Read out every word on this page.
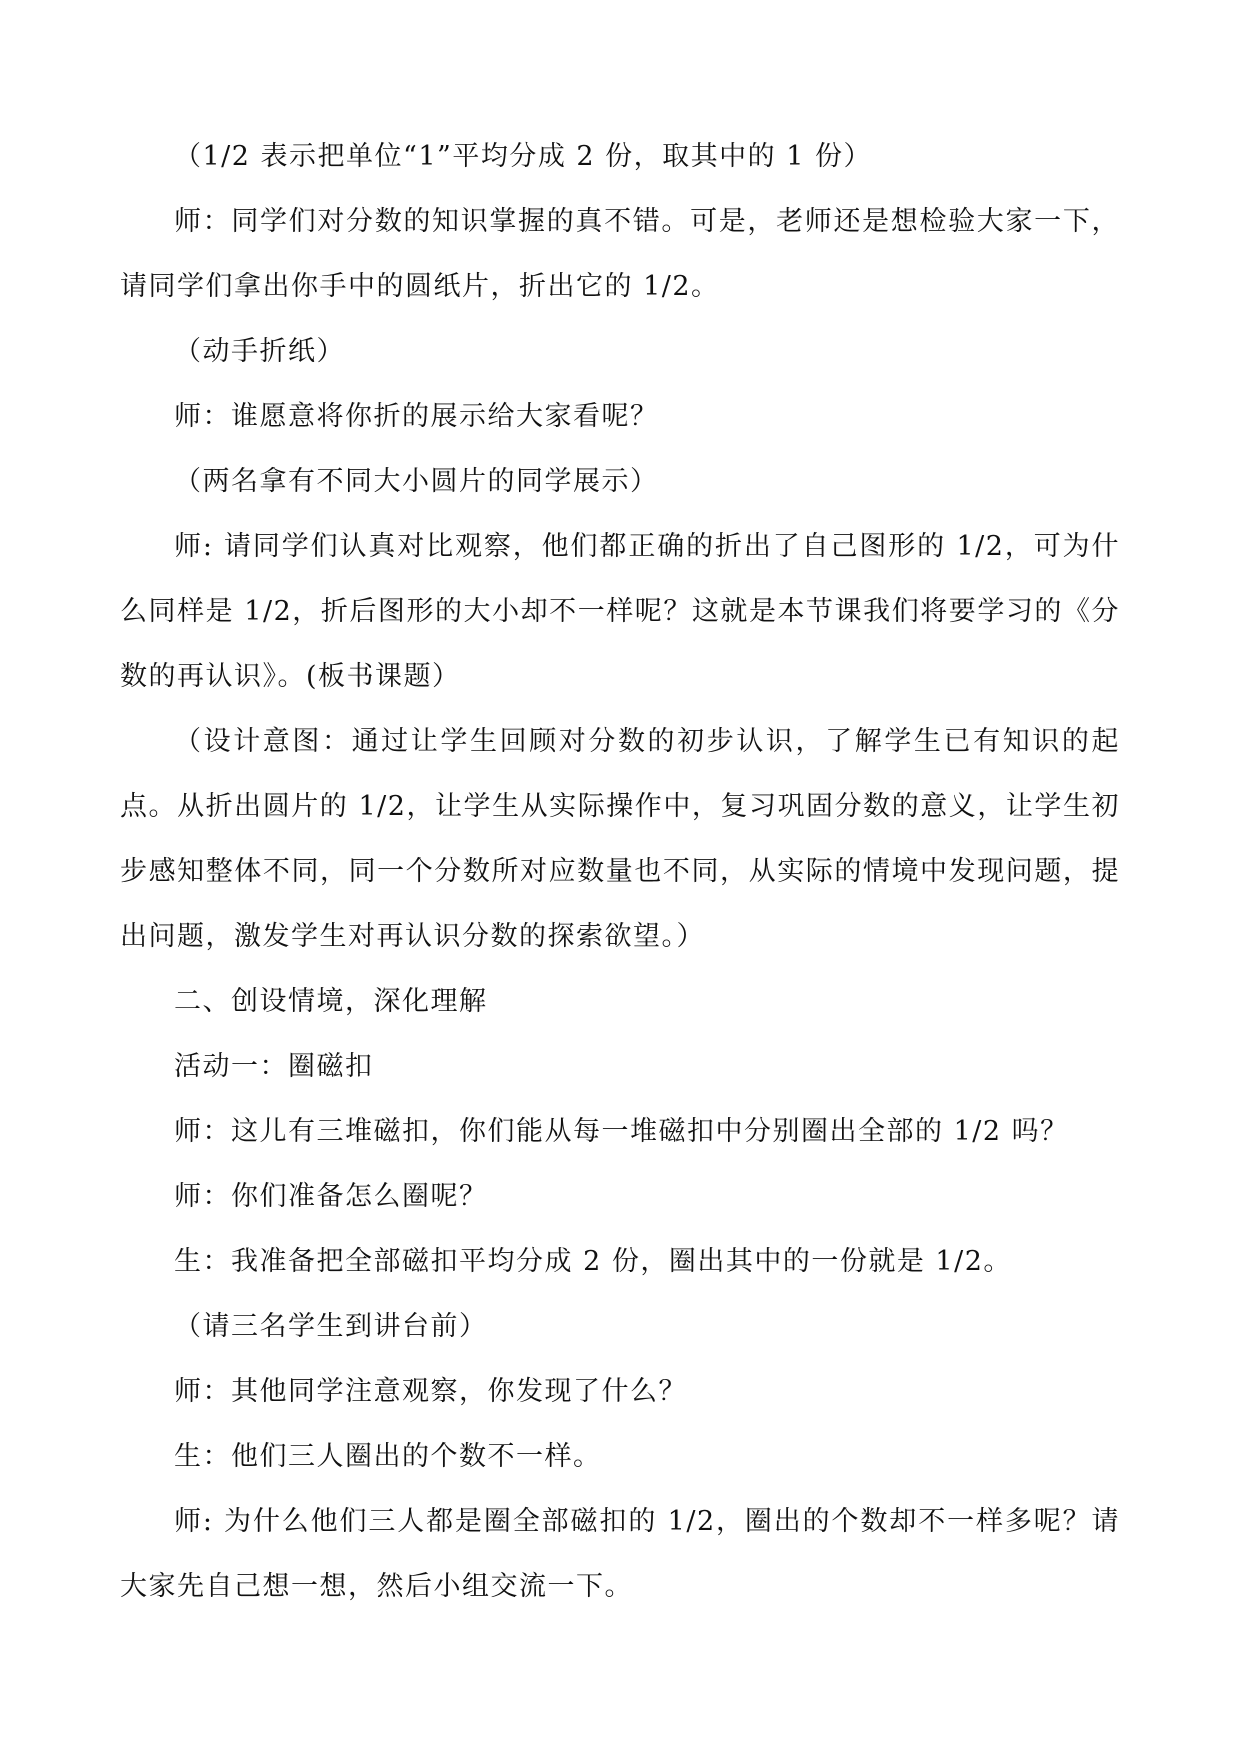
（1/2 表示把单位“1”平均分成 2 份，取其中的 1 份）

师：同学们对分数的知识掌握的真不错。可是，老师还是想检验大家一下，请同学们拿出你手中的圆纸片，折出它的 1/2。

（动手折纸）

师：谁愿意将你折的展示给大家看呢？

（两名拿有不同大小圆片的同学展示）

师: 请同学们认真对比观察，他们都正确的折出了自己图形的 1/2，可为什么同样是 1/2，折后图形的大小却不一样呢？这就是本节课我们将要学习的《分数的再认识》。(板书课题）

（设计意图：通过让学生回顾对分数的初步认识，了解学生已有知识的起点。从折出圆片的 1/2，让学生从实际操作中，复习巩固分数的意义，让学生初步感知整体不同，同一个分数所对应数量也不同，从实际的情境中发现问题，提出问题，激发学生对再认识分数的探索欲望。）

二、创设情境，深化理解

活动一：圈磁扣

师：这儿有三堆磁扣，你们能从每一堆磁扣中分别圈出全部的 1/2 吗？

师：你们准备怎么圈呢？

生：我准备把全部磁扣平均分成 2 份，圈出其中的一份就是 1/2。

（请三名学生到讲台前）

师：其他同学注意观察，你发现了什么？

生：他们三人圈出的个数不一样。

师: 为什么他们三人都是圈全部磁扣的 1/2，圈出的个数却不一样多呢？请大家先自己想一想，然后小组交流一下。
